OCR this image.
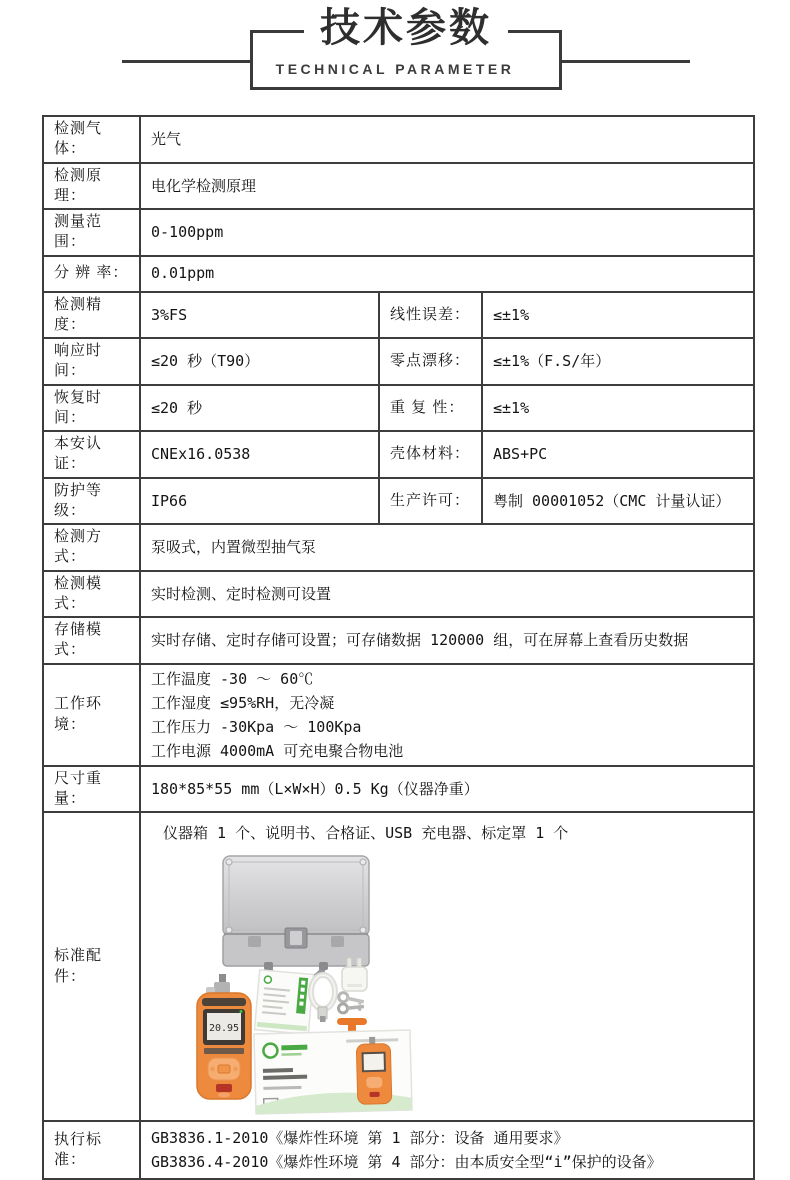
技术参数
TECHNICAL PARAMETER
检测气体：	光气		
检测原理：	电化学检测原理		
测量范围：	0-100ppm		
分 辨 率：	0.01ppm		
检测精度：	3%FS	线性误差：	≤±1%
响应时间：	≤20 秒（T90）	零点漂移：	≤±1%（F.S/年）
恢复时间：	≤20 秒	重 复 性：	≤±1%
本安认证：	CNEx16.0538	壳体材料：	ABS+PC
防护等级：	IP66	生产许可：	粤制 00001052（CMC 计量认证）
检测方式：	泵吸式，内置微型抽气泵		
检测模式：	实时检测、定时检测可设置		
存储模式：	实时存储、定时存储可设置；可存储数据 120000 组，可在屏幕上查看历史数据		
工作环境：	工作温度 -30 ～ 60℃
工作湿度 ≤95%RH，无冷凝
工作压力 -30Kpa ～ 100Kpa
工作电源 4000mA 可充电聚合物电池		

尺寸重量：	180*85*55 mm（L×W×H）0.5 Kg（仪器净重）		
标准配件：	仪器箱 1 个、说明书、合格证、USB 充电器、标定罩 1 个
20.95		

执行标准：	GB3836.1-2010《爆炸性环境 第 1 部分：设备 通用要求》
GB3836.4-2010《爆炸性环境 第 4 部分：由本质安全型“i”保护的设备》		
